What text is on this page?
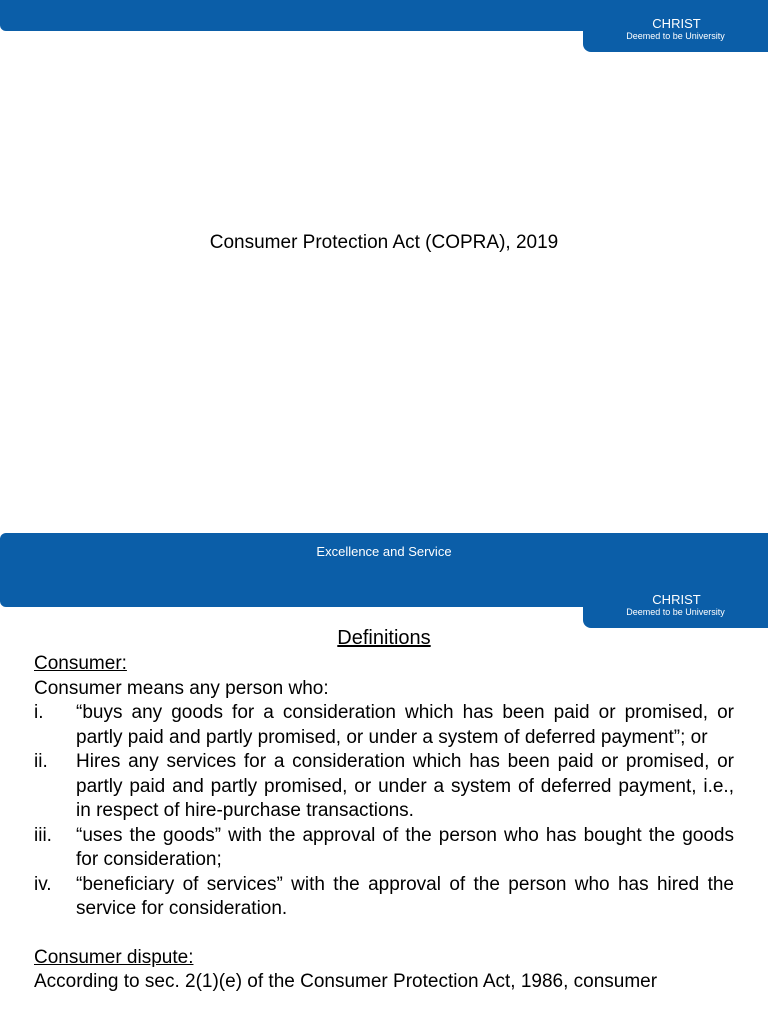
CHRIST
Deemed to be University
Consumer Protection Act (COPRA), 2019
Excellence and Service
CHRIST
Deemed to be University
Definitions
Consumer:
Consumer means any person who:
i. “buys any goods for a consideration which has been paid or promised, or partly paid and partly promised, or under a system of deferred payment”; or
ii. Hires any services for a consideration which has been paid or promised, or partly paid and partly promised, or under a system of deferred payment, i.e., in respect of hire-purchase transactions.
iii. “uses the goods” with the approval of the person who has bought the goods for consideration;
iv. “beneficiary of services” with the approval of the person who has hired the service for consideration.
Consumer dispute:
According to sec. 2(1)(e) of the Consumer Protection Act, 1986, consumer
